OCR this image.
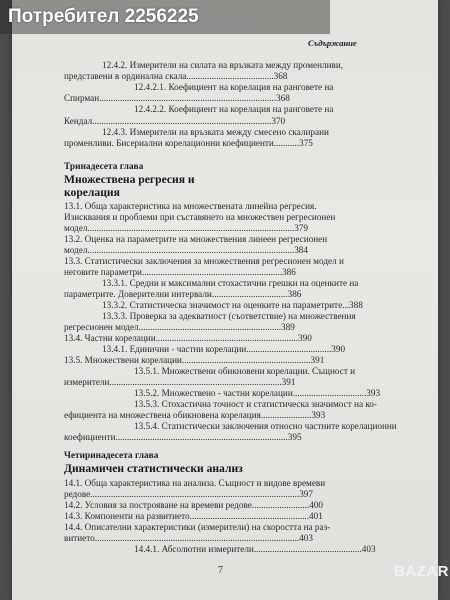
Съдържание
12.4.2. Измерители на силата на връзката между променливи,
представени в ординална скала......................................368
12.4.2.1. Коефициент на корелация на ранговете на
Спирман.............................................................................368
12.4.2.2. Коефициент на корелация на ранговете на
Кендал..............................................................................370
12.4.3. Измерители на връзката между смесено скалирани
променливи. Бисериални корелационни коефициенти...........375
Тринадесета глава
Множествена регресия и
корелация
13.1. Обща характеристика на множествената линейна регресия.
Изисквания и проблеми при съставянето на множествен регресионен
модел..........................................................................................379
13.2. Оценка на параметрите на множествения линеен регресионен
модел..........................................................................................384
13.3. Статистически заключения за множествения регресионен модел и
неговите параметри.............................................................386
13.3.1. Средни и максимални стохастични грешки на оценките на
параметрите. Доверителни интервали.................................386
13.3.2. Статистическа значимост на оценките на параметрите...388
13.3.3. Проверка за адекватност (съответствие) на множествения
регресионен модел..............................................................389
13.4. Частни корелации..............................................................390
13.4.1. Единични - частни корелации.....................................390
13.5. Множествени корелации........................................................391
13.5.1. Множествени обикновени корелации. Същност и
измерители...........................................................................391
13.5.2. Множествено - частни корелации................................393
13.5.3. Стохастична точност и статистическа значимост на ко-
ефициента на множествена обикновена корелация......................393
13.5.4. Статистически заключения относно частните корелационни
коефициенти...........................................................................395
Четиринадесета глава
Динамичен статистически анализ
14.1. Обща характеристика на анализа. Същност и видове времеви
редове...........................................................................................397
14.2. Условия за построяване на времеви редове.........................400
14.3. Компоненти на развитието....................................................401
14.4. Описателни характеристики (измерители) на скоростта на раз-
витието.........................................................................................403
14.4.1. Абсолютни измерители...............................................403
7
Потребител 2256225
BAZAR
